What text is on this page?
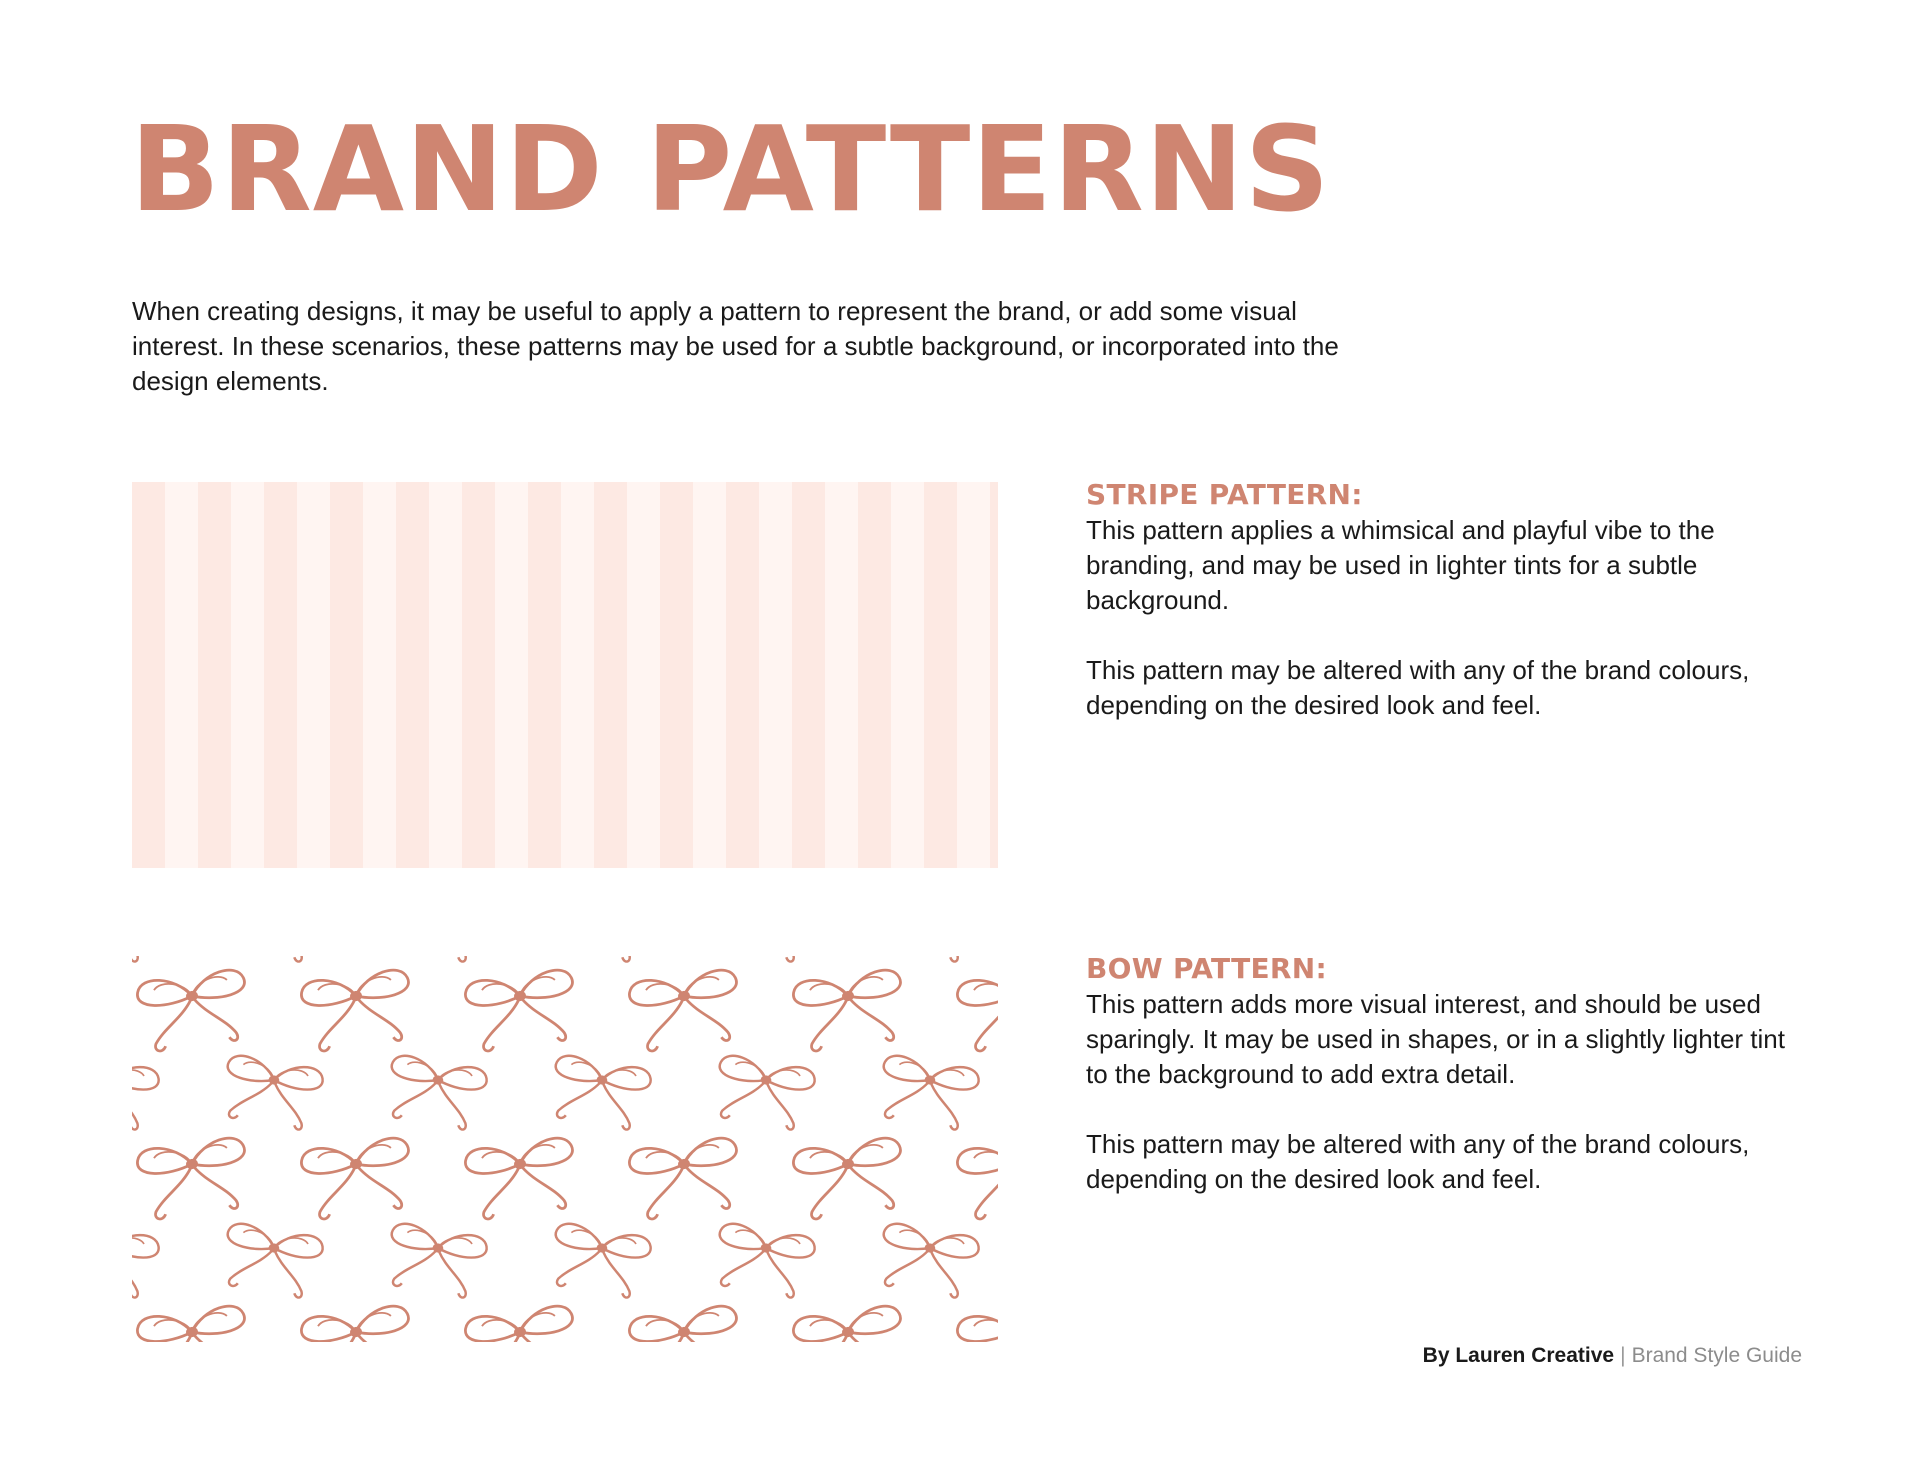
BRAND PATTERNS

When creating designs, it may be useful to apply a pattern to represent the brand, or add some visual interest. In these scenarios, these patterns may be used for a subtle background, or incorporated into the design elements.

STRIPE PATTERN:

This pattern applies a whimsical and playful vibe to the branding, and may be used in lighter tints for a subtle background.

This pattern may be altered with any of the brand colours, depending on the desired look and feel.

BOW PATTERN:

This pattern adds more visual interest, and should be used sparingly. It may be used in shapes, or in a slightly lighter tint to the background to add extra detail.

This pattern may be altered with any of the brand colours, depending on the desired look and feel.

By Lauren Creative | Brand Style Guide
